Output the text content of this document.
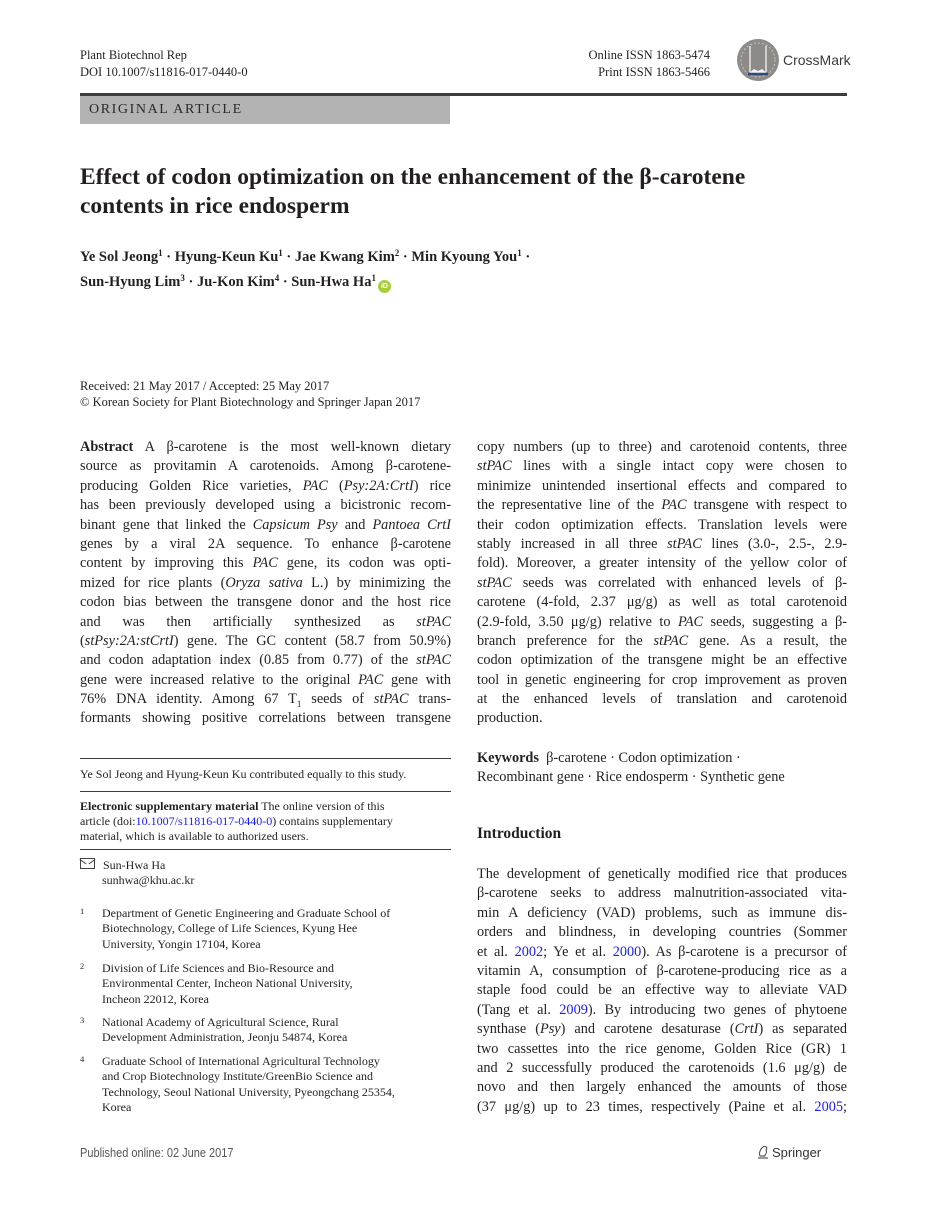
Plant Biotechnol Rep
DOI 10.1007/s11816-017-0440-0
Online ISSN 1863-5474
Print ISSN 1863-5466
CrossMark
ORIGINAL ARTICLE
Effect of codon optimization on the enhancement of the β-carotene
contents in rice endosperm
Ye Sol Jeong$^1$ · Hyung-Keun $Ku^1$ · Jae Kwang Kim$^2$ · Min Kyoung You$^1$ ·
Sun-Hyung Lim$^3$ · Ju-Kon Kim$^4$ · Sun-Hwa Ha$^1$iD
Received: 21 May 2017 / Accepted: 25 May 2017
© Korean Society for Plant Biotechnology and Springer Japan 2017
Abstract A β-carotene is the most well-known dietary
source as provitamin A carotenoids. Among β-carotene-
producing Golden Rice varieties, PAC (Psy:2A:CrtI) rice
has been previously developed using a bicistronic recom-
binant gene that linked the Capsicum Psy and Pantoea CrtI
genes by a viral 2A sequence. To enhance β-carotene
content by improving this PAC gene, its codon was opti-
mized for rice plants (Oryza sativa L.) by minimizing the
codon bias between the transgene donor and the host rice
and was then artificially synthesized as stPAC
(stPsy:2A:stCrtI) gene. The GC content (58.7 from 50.9%)
and codon adaptation index (0.85 from 0.77) of the stPAC
gene were increased relative to the original PAC gene with
76% DNA identity. Among 67 $T_1$ seeds of stPAC trans-
formants showing positive correlations between transgene
Ye Sol Jeong and Hyung-Keun Ku contributed equally to this study.
Electronic supplementary material The online version of this
article (doi:10.1007/s11816-017-0440-0) contains supplementary
material, which is available to authorized users.
Sun-Hwa Ha
sunhwa@khu.ac.kr
1 Department of Genetic Engineering and Graduate School of
Biotechnology, College of Life Sciences, Kyung Hee
University, Yongin 17104, Korea
2 Division of Life Sciences and Bio-Resource and
Environmental Center, Incheon National University,
Incheon 22012, Korea
3 National Academy of Agricultural Science, Rural
Development Administration, Jeonju 54874, Korea
4 Graduate School of International Agricultural Technology
and Crop Biotechnology Institute/GreenBio Science and
Technology, Seoul National University, Pyeongchang 25354,
Korea
copy numbers (up to three) and carotenoid contents, three
stPAC lines with a single intact copy were chosen to
minimize unintended insertional effects and compared to
the representative line of the PAC transgene with respect to
their codon optimization effects. Translation levels were
stably increased in all three stPAC lines (3.0-, 2.5-, 2.9-
fold). Moreover, a greater intensity of the yellow color of
stPAC seeds was correlated with enhanced levels of β-
carotene (4-fold, 2.37 μg/g) as well as total carotenoid
(2.9-fold, 3.50 μg/g) relative to PAC seeds, suggesting a β-
branch preference for the stPAC gene. As a result, the
codon optimization of the transgene might be an effective
tool in genetic engineering for crop improvement as proven
at the enhanced levels of translation and carotenoid
production.
Keywords β-carotene · Codon optimization ·
Recombinant gene · Rice endosperm · Synthetic gene
Introduction
The development of genetically modified rice that produces
β-carotene seeks to address malnutrition-associated vita-
min A deficiency (VAD) problems, such as immune dis-
orders and blindness, in developing countries (Sommer
et al. 2002; Ye et al. 2000). As β-carotene is a precursor of
vitamin A, consumption of β-carotene-producing rice as a
staple food could be an effective way to alleviate VAD
(Tang et al. 2009). By introducing two genes of phytoene
synthase (Psy) and carotene desaturase (CrtI) as separated
two cassettes into the rice genome, Golden Rice (GR) 1
and 2 successfully produced the carotenoids (1.6 μg/g) de
novo and then largely enhanced the amounts of those
(37 μg/g) up to 23 times, respectively (Paine et al. 2005;
Published online: 02 June 2017	Springer
